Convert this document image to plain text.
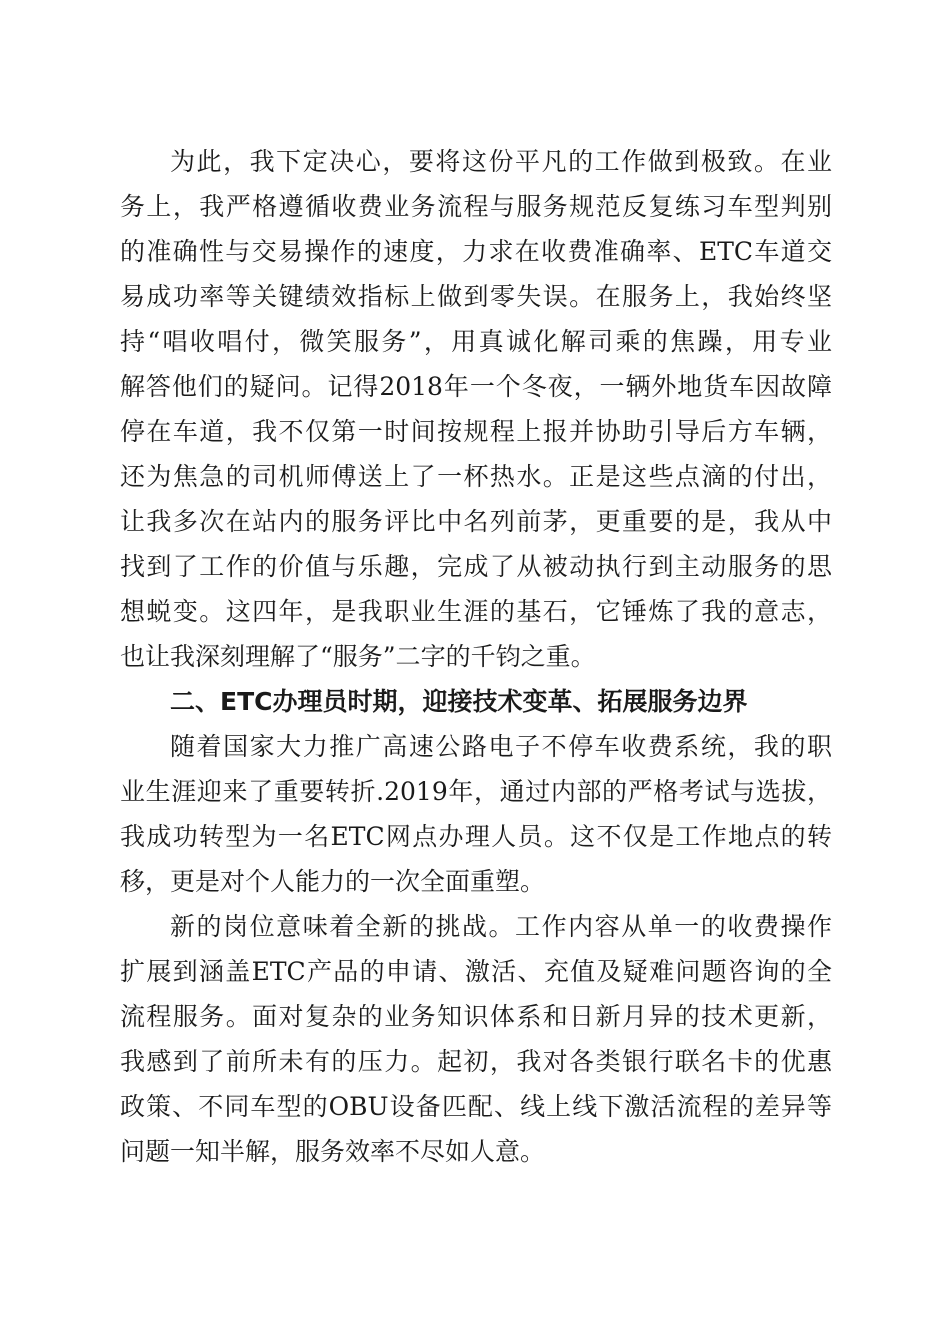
为此，我下定决心，要将这份平凡的工作做到极致。在业
务上，我严格遵循收费业务流程与服务规范反复练习车型判别
的准确性与交易操作的速度，力求在收费准确率、ETC车道交
易成功率等关键绩效指标上做到零失误。在服务上，我始终坚
持“唱收唱付，微笑服务”，用真诚化解司乘的焦躁，用专业
解答他们的疑问。记得2018年一个冬夜，一辆外地货车因故障
停在车道，我不仅第一时间按规程上报并协助引导后方车辆，
还为焦急的司机师傅送上了一杯热水。正是这些点滴的付出，
让我多次在站内的服务评比中名列前茅，更重要的是，我从中
找到了工作的价值与乐趣，完成了从被动执行到主动服务的思
想蜕变。这四年，是我职业生涯的基石，它锤炼了我的意志，
也让我深刻理解了“服务”二字的千钧之重。
二、ETC办理员时期，迎接技术变革、拓展服务边界
随着国家大力推广高速公路电子不停车收费系统，我的职
业生涯迎来了重要转折.2019年，通过内部的严格考试与选拔，
我成功转型为一名ETC网点办理人员。这不仅是工作地点的转
移，更是对个人能力的一次全面重塑。
新的岗位意味着全新的挑战。工作内容从单一的收费操作
扩展到涵盖ETC产品的申请、激活、充值及疑难问题咨询的全
流程服务。面对复杂的业务知识体系和日新月异的技术更新，
我感到了前所未有的压力。起初，我对各类银行联名卡的优惠
政策、不同车型的OBU设备匹配、线上线下激活流程的差异等
问题一知半解，服务效率不尽如人意。
